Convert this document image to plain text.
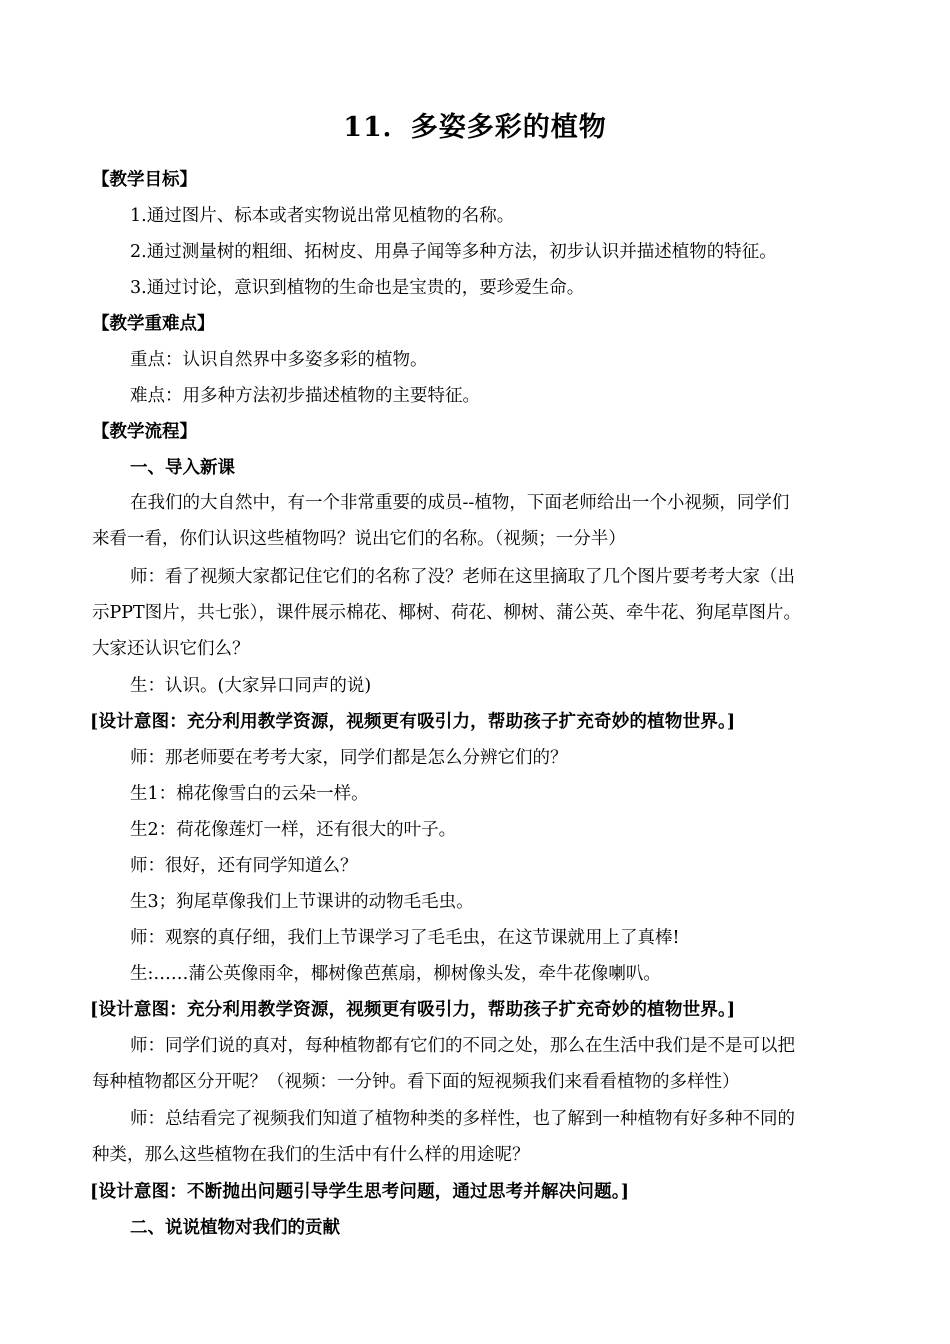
11．多姿多彩的植物
【教学目标】
1.通过图片、标本或者实物说出常见植物的名称。
2.通过测量树的粗细、拓树皮、用鼻子闻等多种方法，初步认识并描述植物的特征。
3.通过讨论，意识到植物的生命也是宝贵的，要珍爱生命。
【教学重难点】
重点：认识自然界中多姿多彩的植物。
难点：用多种方法初步描述植物的主要特征。
【教学流程】
一、导入新课
在我们的大自然中，有一个非常重要的成员--植物，下面老师给出一个小视频，同学们
来看一看，你们认识这些植物吗？说出它们的名称。（视频；一分半）
师：看了视频大家都记住它们的名称了没？老师在这里摘取了几个图片要考考大家（出
示PPT图片，共七张），课件展示棉花、椰树、荷花、柳树、蒲公英、牵牛花、狗尾草图片。
大家还认识它们么？
生：认识。(大家异口同声的说)
[设计意图：充分利用教学资源，视频更有吸引力，帮助孩子扩充奇妙的植物世界。]
师：那老师要在考考大家，同学们都是怎么分辨它们的？
生1：棉花像雪白的云朵一样。
生2：荷花像莲灯一样，还有很大的叶子。
师：很好，还有同学知道么？
生3；狗尾草像我们上节课讲的动物毛毛虫。
师：观察的真仔细，我们上节课学习了毛毛虫，在这节课就用上了真棒!
生:……蒲公英像雨伞，椰树像芭蕉扇，柳树像头发，牵牛花像喇叭。
[设计意图：充分利用教学资源，视频更有吸引力，帮助孩子扩充奇妙的植物世界。]
师：同学们说的真对，每种植物都有它们的不同之处，那么在生活中我们是不是可以把
每种植物都区分开呢？（视频：一分钟。看下面的短视频我们来看看植物的多样性）
师：总结看完了视频我们知道了植物种类的多样性，也了解到一种植物有好多种不同的
种类，那么这些植物在我们的生活中有什么样的用途呢？
[设计意图：不断抛出问题引导学生思考问题，通过思考并解决问题。]
二、说说植物对我们的贡献
